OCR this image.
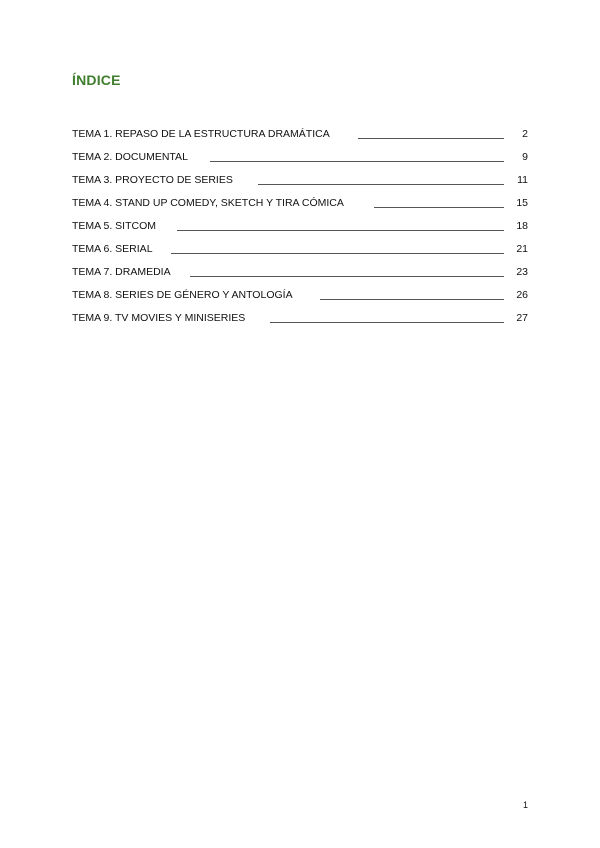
ÍNDICE
TEMA 1. REPASO DE LA ESTRUCTURA DRAMÁTICA	2
TEMA 2. DOCUMENTAL	9
TEMA 3. PROYECTO DE SERIES	11
TEMA 4. STAND UP COMEDY, SKETCH Y TIRA CÓMICA	15
TEMA 5. SITCOM	18
TEMA 6. SERIAL	21
TEMA 7. DRAMEDIA	23
TEMA 8. SERIES DE GÉNERO Y ANTOLOGÍA	26
TEMA 9. TV MOVIES Y MINISERIES	27
1
